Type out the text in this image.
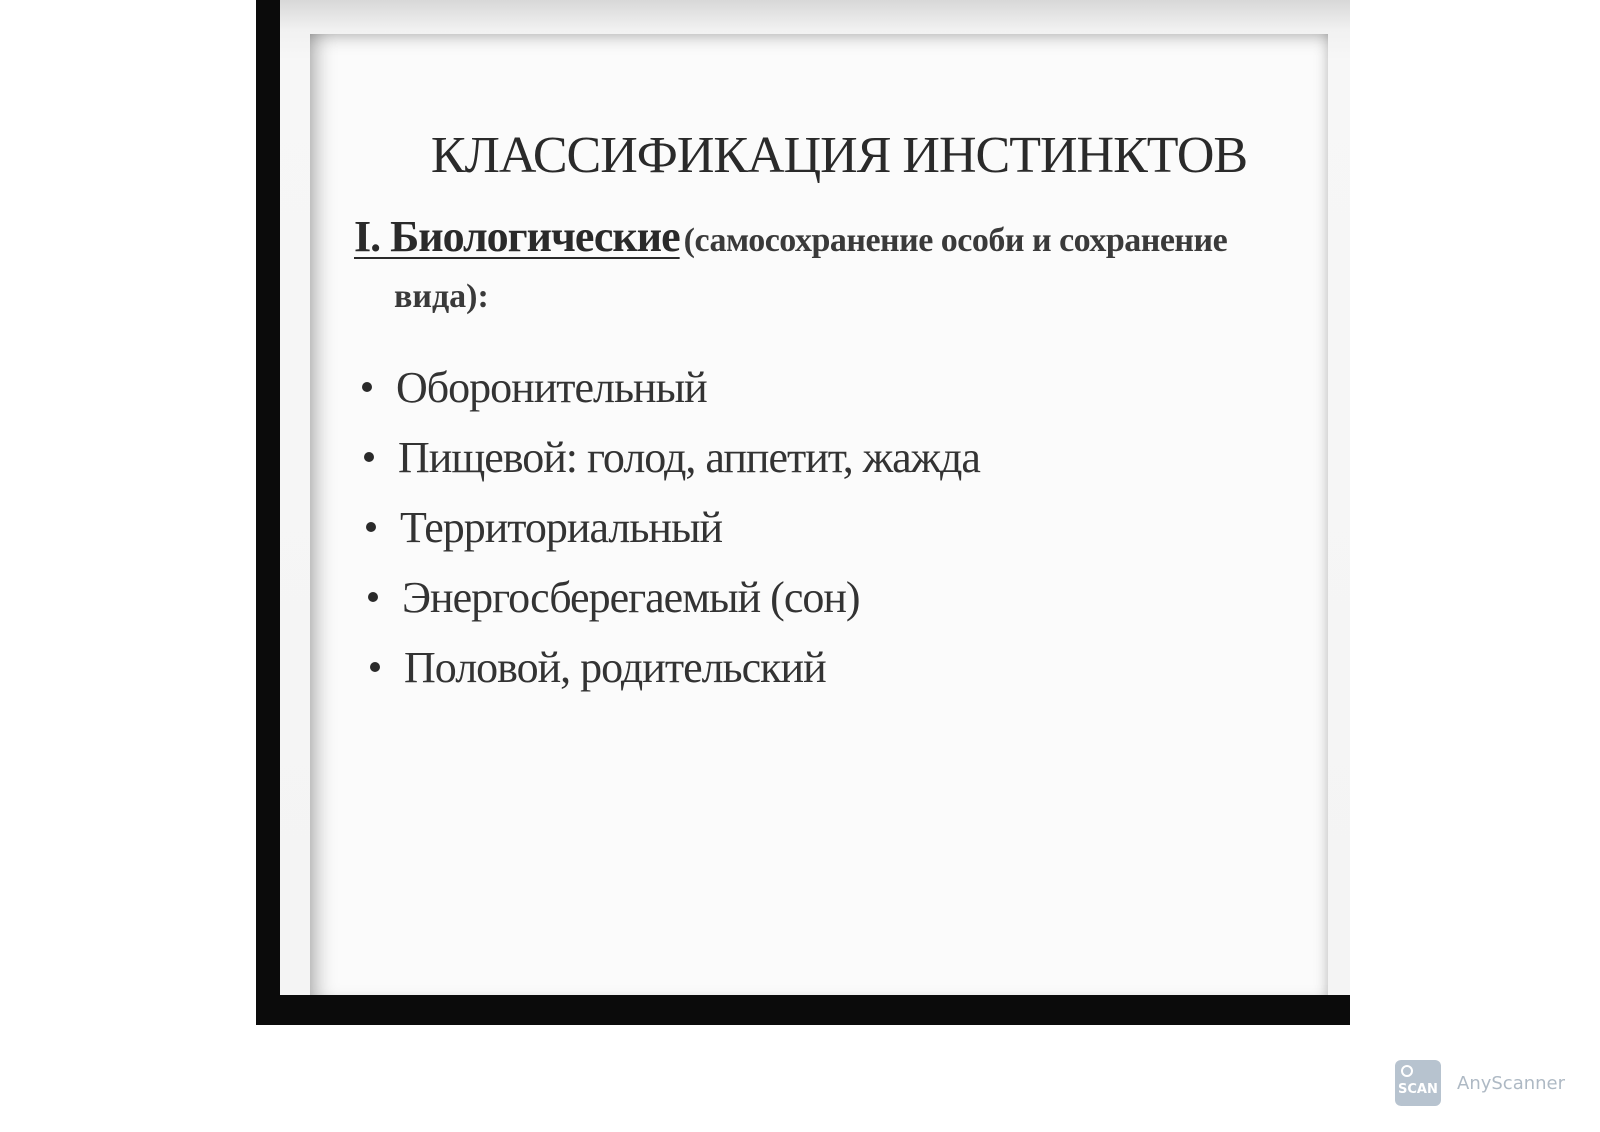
КЛАССИФИКАЦИЯ ИНСТИНКТОВ
I. Биологические (самосохранение особи и сохранение
вида):
Оборонительный
Пищевой: голод, аппетит, жажда
Территориальный
Энергосберегаемый (сон)
Половой, родительский
SCAN AnyScanner
